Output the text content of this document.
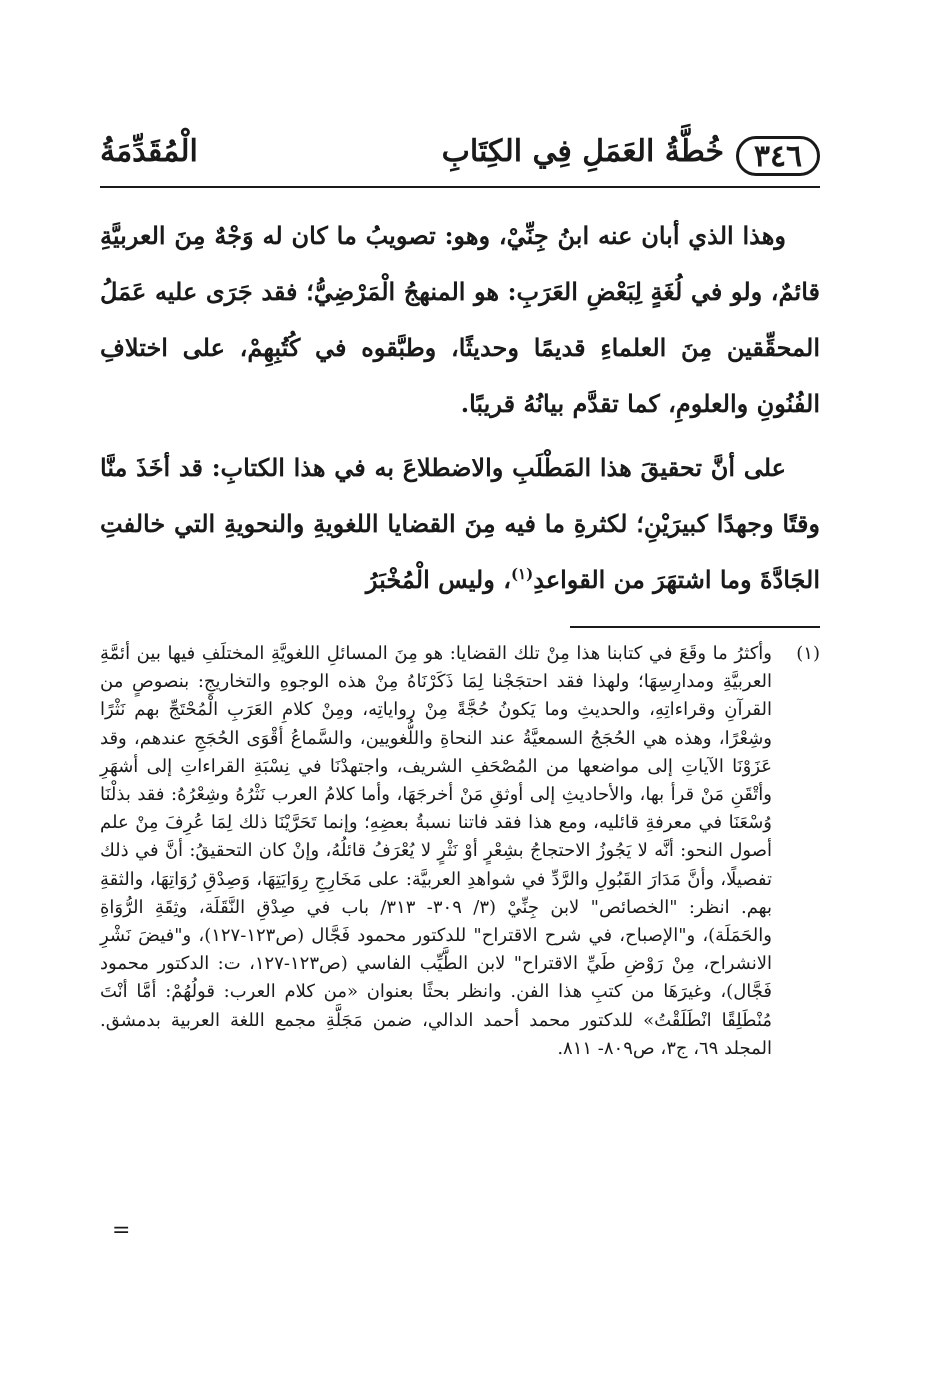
٣٤٦
خُطَّةُ العَمَلِ فِي الكِتَابِ
الْمُقَدِّمَةُ

وهذا الذي أبان عنه ابنُ جِنِّيْ، وهو: تصويبُ ما كان له وَجْهٌ مِنَ العربيَّةِ قائمٌ، ولو في لُغَةٍ لِبَعْضِ العَرَبِ: هو المنهجُ الْمَرْضِيُّ؛ فقد جَرَى عليه عَمَلُ المحقِّقين مِنَ العلماءِ قديمًا وحديثًا، وطبَّقوه في كُتُبِهِمْ، على اختلافِ الفُنُونِ والعلومِ، كما تقدَّم بيانُهُ قريبًا.

على أنَّ تحقيقَ هذا المَطْلَبِ والاضطلاعَ به في هذا الكتابِ: قد أخَذَ منَّا وقتًا وجهدًا كبيرَيْنِ؛ لكثرةِ ما فيه مِنَ القضايا اللغويةِ والنحويةِ التي خالفتِ الجَادَّةَ وما اشتهَرَ من القواعدِ$^{(١)}$، وليس الْمُخْبَرُ

(١)

وأكثرُ ما وقَعَ في كتابنا هذا مِنْ تلك القضايا: هو مِنَ المسائلِ اللغويَّةِ المختلَفِ فيها بين أئمَّةِ العربيَّةِ ومدارِسِهَا؛ ولهذا فقد احتجَجْنا لِمَا ذَكَرْنَاهُ مِنْ هذه الوجوهِ والتخاريجِ: بنصوصٍ من القرآنِ وقراءاتِهِ، والحديثِ وما يَكونُ حُجَّةً مِنْ رواياتِه، ومِنْ كلامِ العَرَبِ الْمُحْتَجِّ بهم نَثْرًا وشِعْرًا، وهذه هي الحُجَجُ السمعيَّةُ عند النحاةِ واللُّغويين، والسَّماعُ أقْوَى الحُجَجِ عندهم، وقد عَزَوْنَا الآياتِ إلى مواضعها من المُصْحَفِ الشريف، واجتهدْنَا في نِسْبَةِ القراءاتِ إلى أشهَرِ وأتْقَنِ مَنْ قرأ بها، والأحاديثِ إلى أوثقِ مَنْ أخرجَهَا، وأما كلامُ العرب نَثْرُهُ وشِعْرُهُ: فقد بذلْنَا وُسْعَنَا في معرفةِ قائليه، ومع هذا فقد فاتنا نسبةُ بعضِهِ؛ وإنما تَحَرَّيْنَا ذلك لِمَا عُرِفَ مِنْ علم أصول النحو: أنَّه لا يَجُوزُ الاحتجاجُ بشِعْرٍ أوْ نَثْرٍ لا يُعْرَفُ قائلُهُ، وإنْ كان التحقيقُ: أنَّ في ذلك تفصيلًا، وأنَّ مَدَارَ القَبُولِ والرَّدِّ في شواهدِ العربيَّة: على مَخَارِجِ رِوَايَتِهَا، وَصِدْقِ رُوَاتِهَا، والثقةِ بهم. انظر: "الخصائص" لابن جِنِّيْ (٣/ ٣٠٩- ٣١٣/ باب في صِدْقِ النَّقَلَة، وثِقَةِ الرُّوَاةِ والحَمَلَة)، و"الإصباح، في شرح الاقتراح" للدكتور محمود فَجَّال (ص١٢٣-١٢٧)، و"فيضَ نَشْرِ الانشراح، مِنْ رَوْضِ طَيِّ الاقتراح" لابن الطَّيِّب الفاسي (ص١٢٣-١٢٧، ت: الدكتور محمود فَجَّال)، وغيرَهَا من كتبِ هذا الفن. وانظر بحثًا بعنوان «من كلام العرب: قولُهُمْ: أمَّا أنْتَ مُنْطَلِقًا انْطَلَقْتُ» للدكتور محمد أحمد الدالي، ضمن مَجَلَّةِ مجمع اللغة العربية بدمشق. المجلد ٦٩، ج٣، ص٨٠٩- ٨١١.

=
